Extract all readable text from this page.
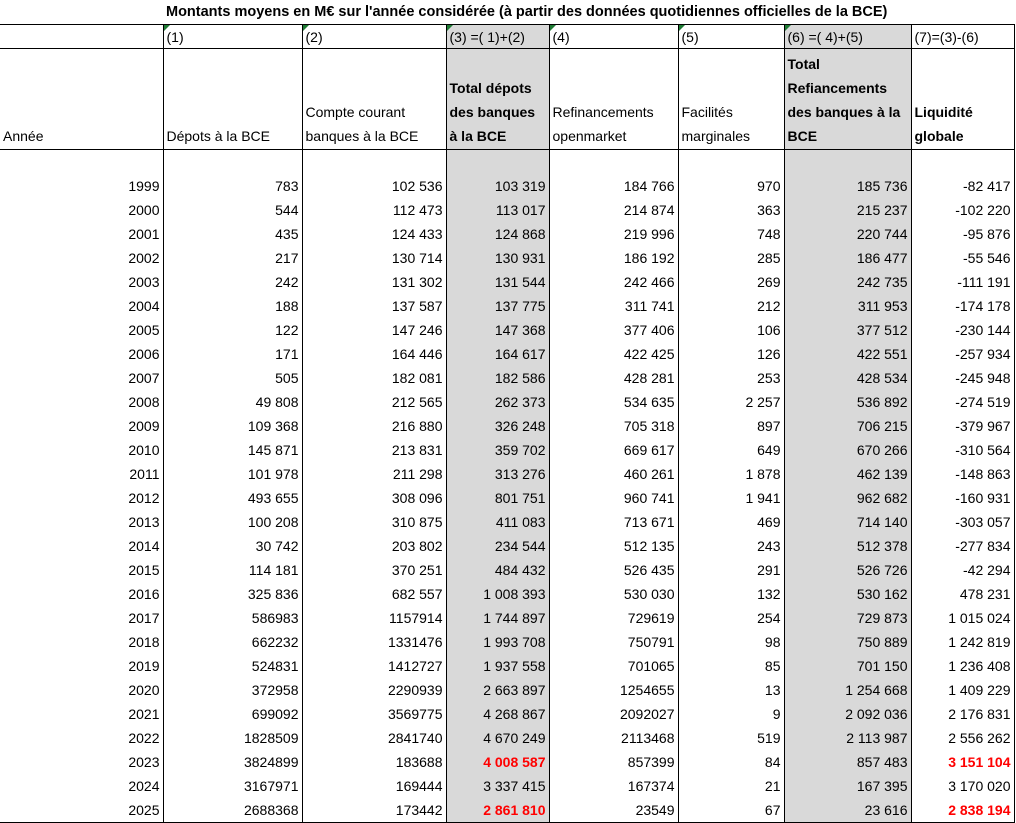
	Montants moyens en M€ sur l'année considérée (à partir des données quotidiennes officielles de la BCE)						
	(1)	(2)	(3) =( 1)+(2)	(4)	(5)	(6) =( 4)+(5)	(7)=(3)-(6)
Année	Dépots à la BCE	Compte courant banques à la BCE	Total dépots des banques à la BCE	Refinancements openmarket	Facilités marginales	Total Refiancements des banques à la BCE	Liquidité globale

1999	783	102 536	103 319	184 766	970	185 736	-82 417
2000	544	112 473	113 017	214 874	363	215 237	-102 220
2001	435	124 433	124 868	219 996	748	220 744	-95 876
2002	217	130 714	130 931	186 192	285	186 477	-55 546
2003	242	131 302	131 544	242 466	269	242 735	-111 191
2004	188	137 587	137 775	311 741	212	311 953	-174 178
2005	122	147 246	147 368	377 406	106	377 512	-230 144
2006	171	164 446	164 617	422 425	126	422 551	-257 934
2007	505	182 081	182 586	428 281	253	428 534	-245 948
2008	49 808	212 565	262 373	534 635	2 257	536 892	-274 519
2009	109 368	216 880	326 248	705 318	897	706 215	-379 967
2010	145 871	213 831	359 702	669 617	649	670 266	-310 564
2011	101 978	211 298	313 276	460 261	1 878	462 139	-148 863
2012	493 655	308 096	801 751	960 741	1 941	962 682	-160 931
2013	100 208	310 875	411 083	713 671	469	714 140	-303 057
2014	30 742	203 802	234 544	512 135	243	512 378	-277 834
2015	114 181	370 251	484 432	526 435	291	526 726	-42 294
2016	325 836	682 557	1 008 393	530 030	132	530 162	478 231
2017	586983	1157914	1 744 897	729619	254	729 873	1 015 024
2018	662232	1331476	1 993 708	750791	98	750 889	1 242 819
2019	524831	1412727	1 937 558	701065	85	701 150	1 236 408
2020	372958	2290939	2 663 897	1254655	13	1 254 668	1 409 229
2021	699092	3569775	4 268 867	2092027	9	2 092 036	2 176 831
2022	1828509	2841740	4 670 249	2113468	519	2 113 987	2 556 262
2023	3824899	183688	4 008 587	857399	84	857 483	3 151 104
2024	3167971	169444	3 337 415	167374	21	167 395	3 170 020
2025	2688368	173442	2 861 810	23549	67	23 616	2 838 194
